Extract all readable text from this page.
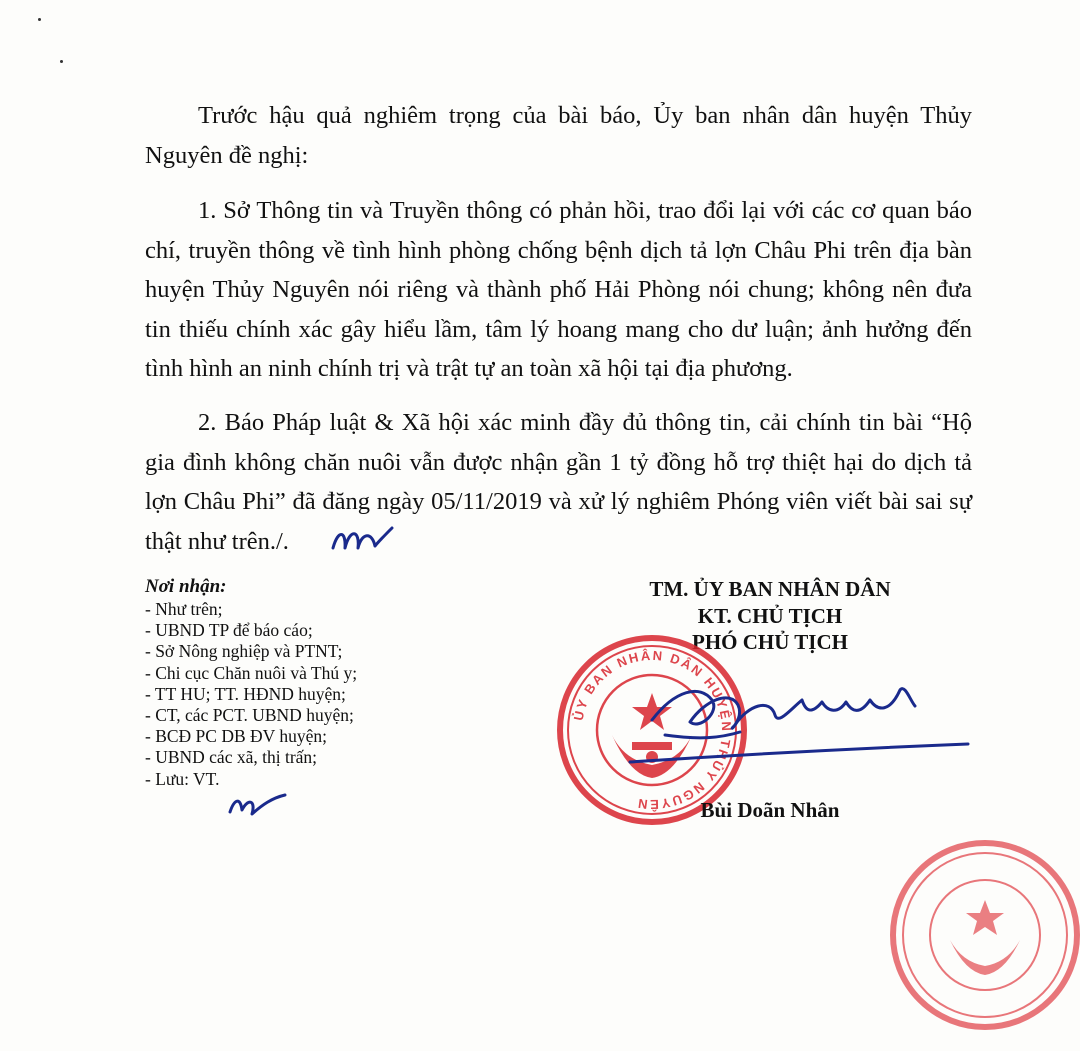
Trước hậu quả nghiêm trọng của bài báo, Ủy ban nhân dân huyện Thủy Nguyên đề nghị:

1. Sở Thông tin và Truyền thông có phản hồi, trao đổi lại với các cơ quan báo chí, truyền thông về tình hình phòng chống bệnh dịch tả lợn Châu Phi trên địa bàn huyện Thủy Nguyên nói riêng và thành phố Hải Phòng nói chung; không nên đưa tin thiếu chính xác gây hiểu lầm, tâm lý hoang mang cho dư luận; ảnh hưởng đến tình hình an ninh chính trị và trật tự an toàn xã hội tại địa phương.

2. Báo Pháp luật & Xã hội xác minh đầy đủ thông tin, cải chính tin bài “Hộ gia đình không chăn nuôi vẫn được nhận gần 1 tỷ đồng hỗ trợ thiệt hại do dịch tả lợn Châu Phi” đã đăng ngày 05/11/2019 và xử lý nghiêm Phóng viên viết bài sai sự thật như trên./.

Nơi nhận:
- Như trên;
- UBND TP để báo cáo;
- Sở Nông nghiệp và PTNT;
- Chi cục Chăn nuôi và Thú y;
- TT HU; TT. HĐND huyện;
- CT, các PCT. UBND huyện;
- BCĐ PC DB ĐV huyện;
- UBND các xã, thị trấn;
- Lưu: VT.
TM. ỦY BAN NHÂN DÂN
KT. CHỦ TỊCH
PHÓ CHỦ TỊCH
ỦY BAN NHÂN DÂN HUYỆN THỦY NGUYÊN	Bùi Doãn Nhân
